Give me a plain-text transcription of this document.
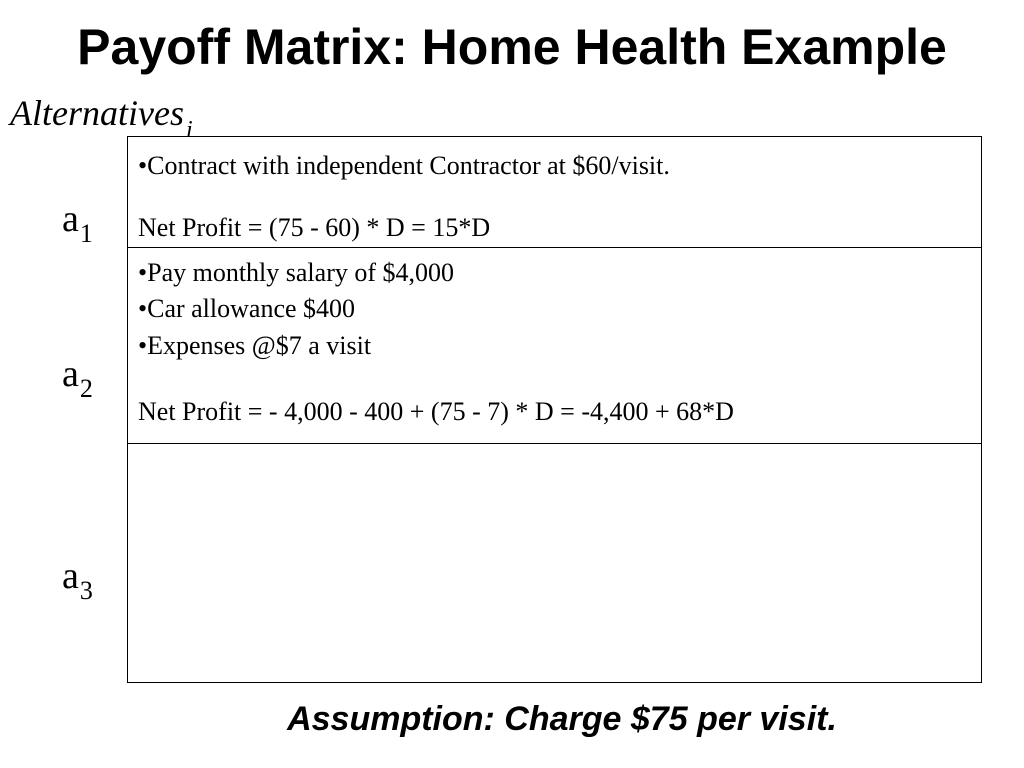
Payoff Matrix: Home Health Example
Alternatives$_i$
$a_1$
$a_2$
$a_3$
•Contract with independent Contractor at $60/visit.
Net Profit = (75 - 60) * D = 15*D
•Pay monthly salary of $4,000
•Car allowance $400
•Expenses @$7 a visit
Net Profit = - 4,000 - 400 + (75 - 7) * D = -4,400 + 68*D
Assumption: Charge $75 per visit.
